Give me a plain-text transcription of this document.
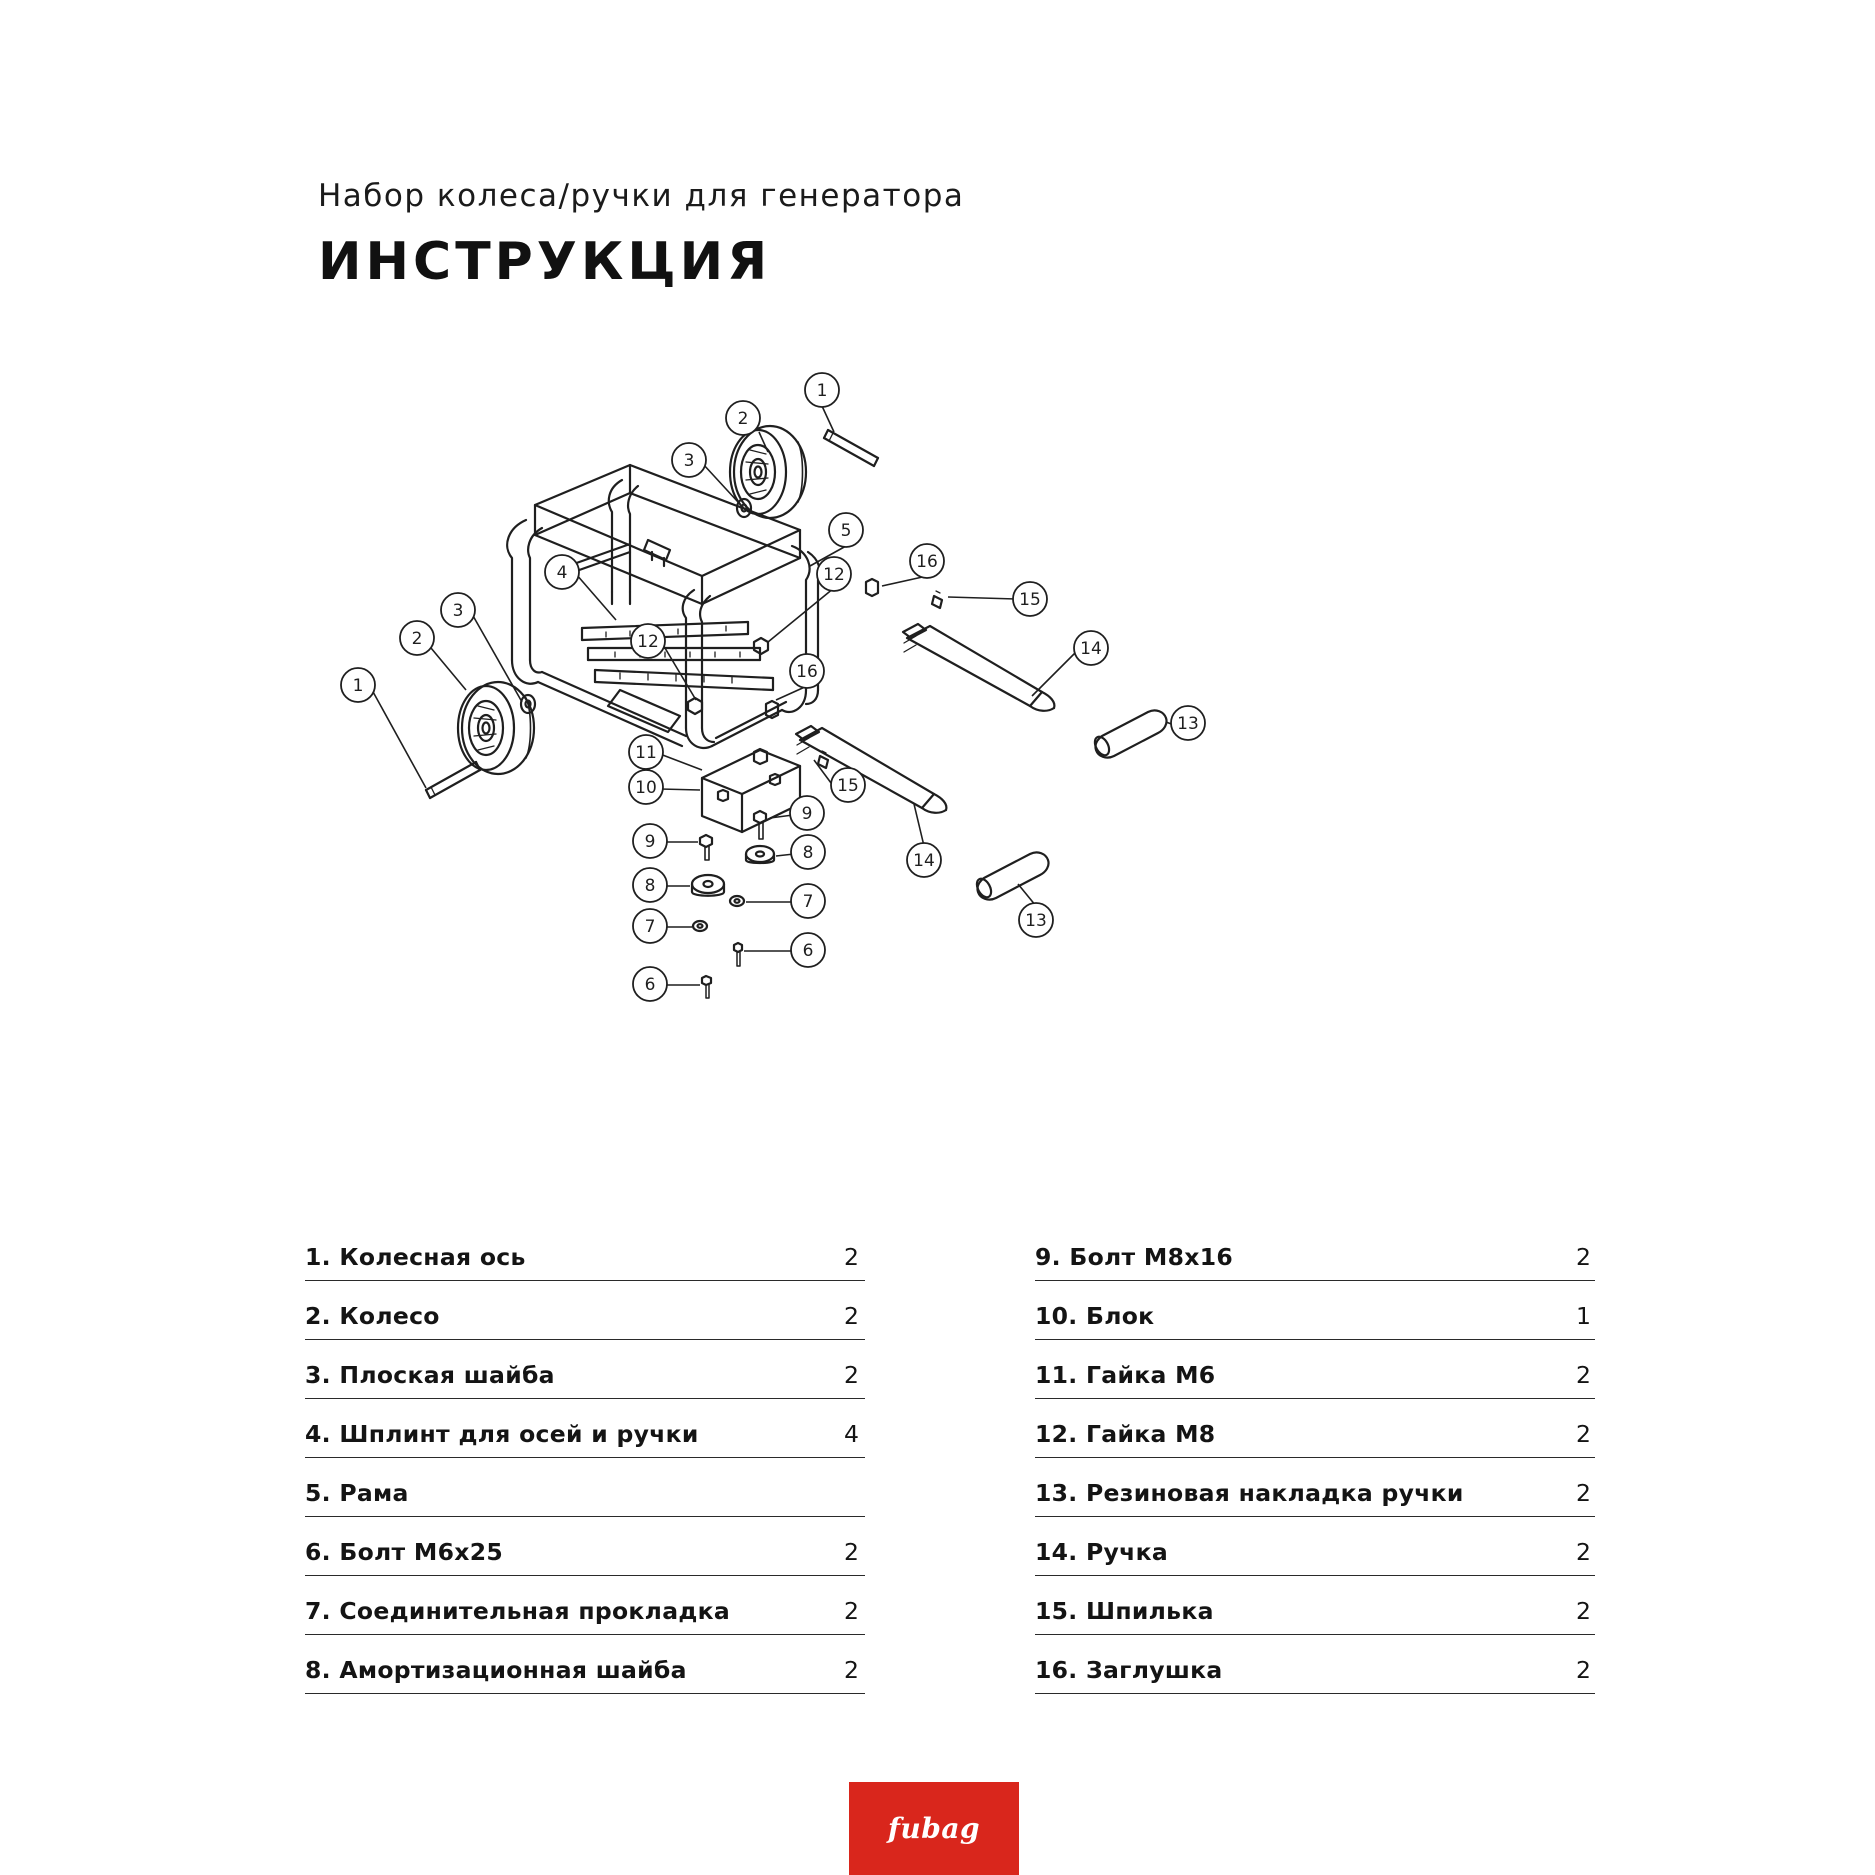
Набор колеса/ручки для генератора
ИНСТРУКЦИЯ
1
2
3
5
16
15
12
4
3
2
1
12	14
16
13
11
10	15
9
9
8
8
7
7
6
6
14
13
1. Колесная ось	2
2. Колесо	2
3. Плоская шайба	2
4. Шплинт для осей и ручки	4
5. Рама
6. Болт M6x25	2
7. Соединительная прокладка	2
8. Амортизационная шайба	2
9. Болт M8x16	2
10. Блок	1
11. Гайка M6	2
12. Гайка M8	2
13. Резиновая накладка ручки	2
14. Ручка	2
15. Шпилька	2
16. Заглушка	2
fubag
